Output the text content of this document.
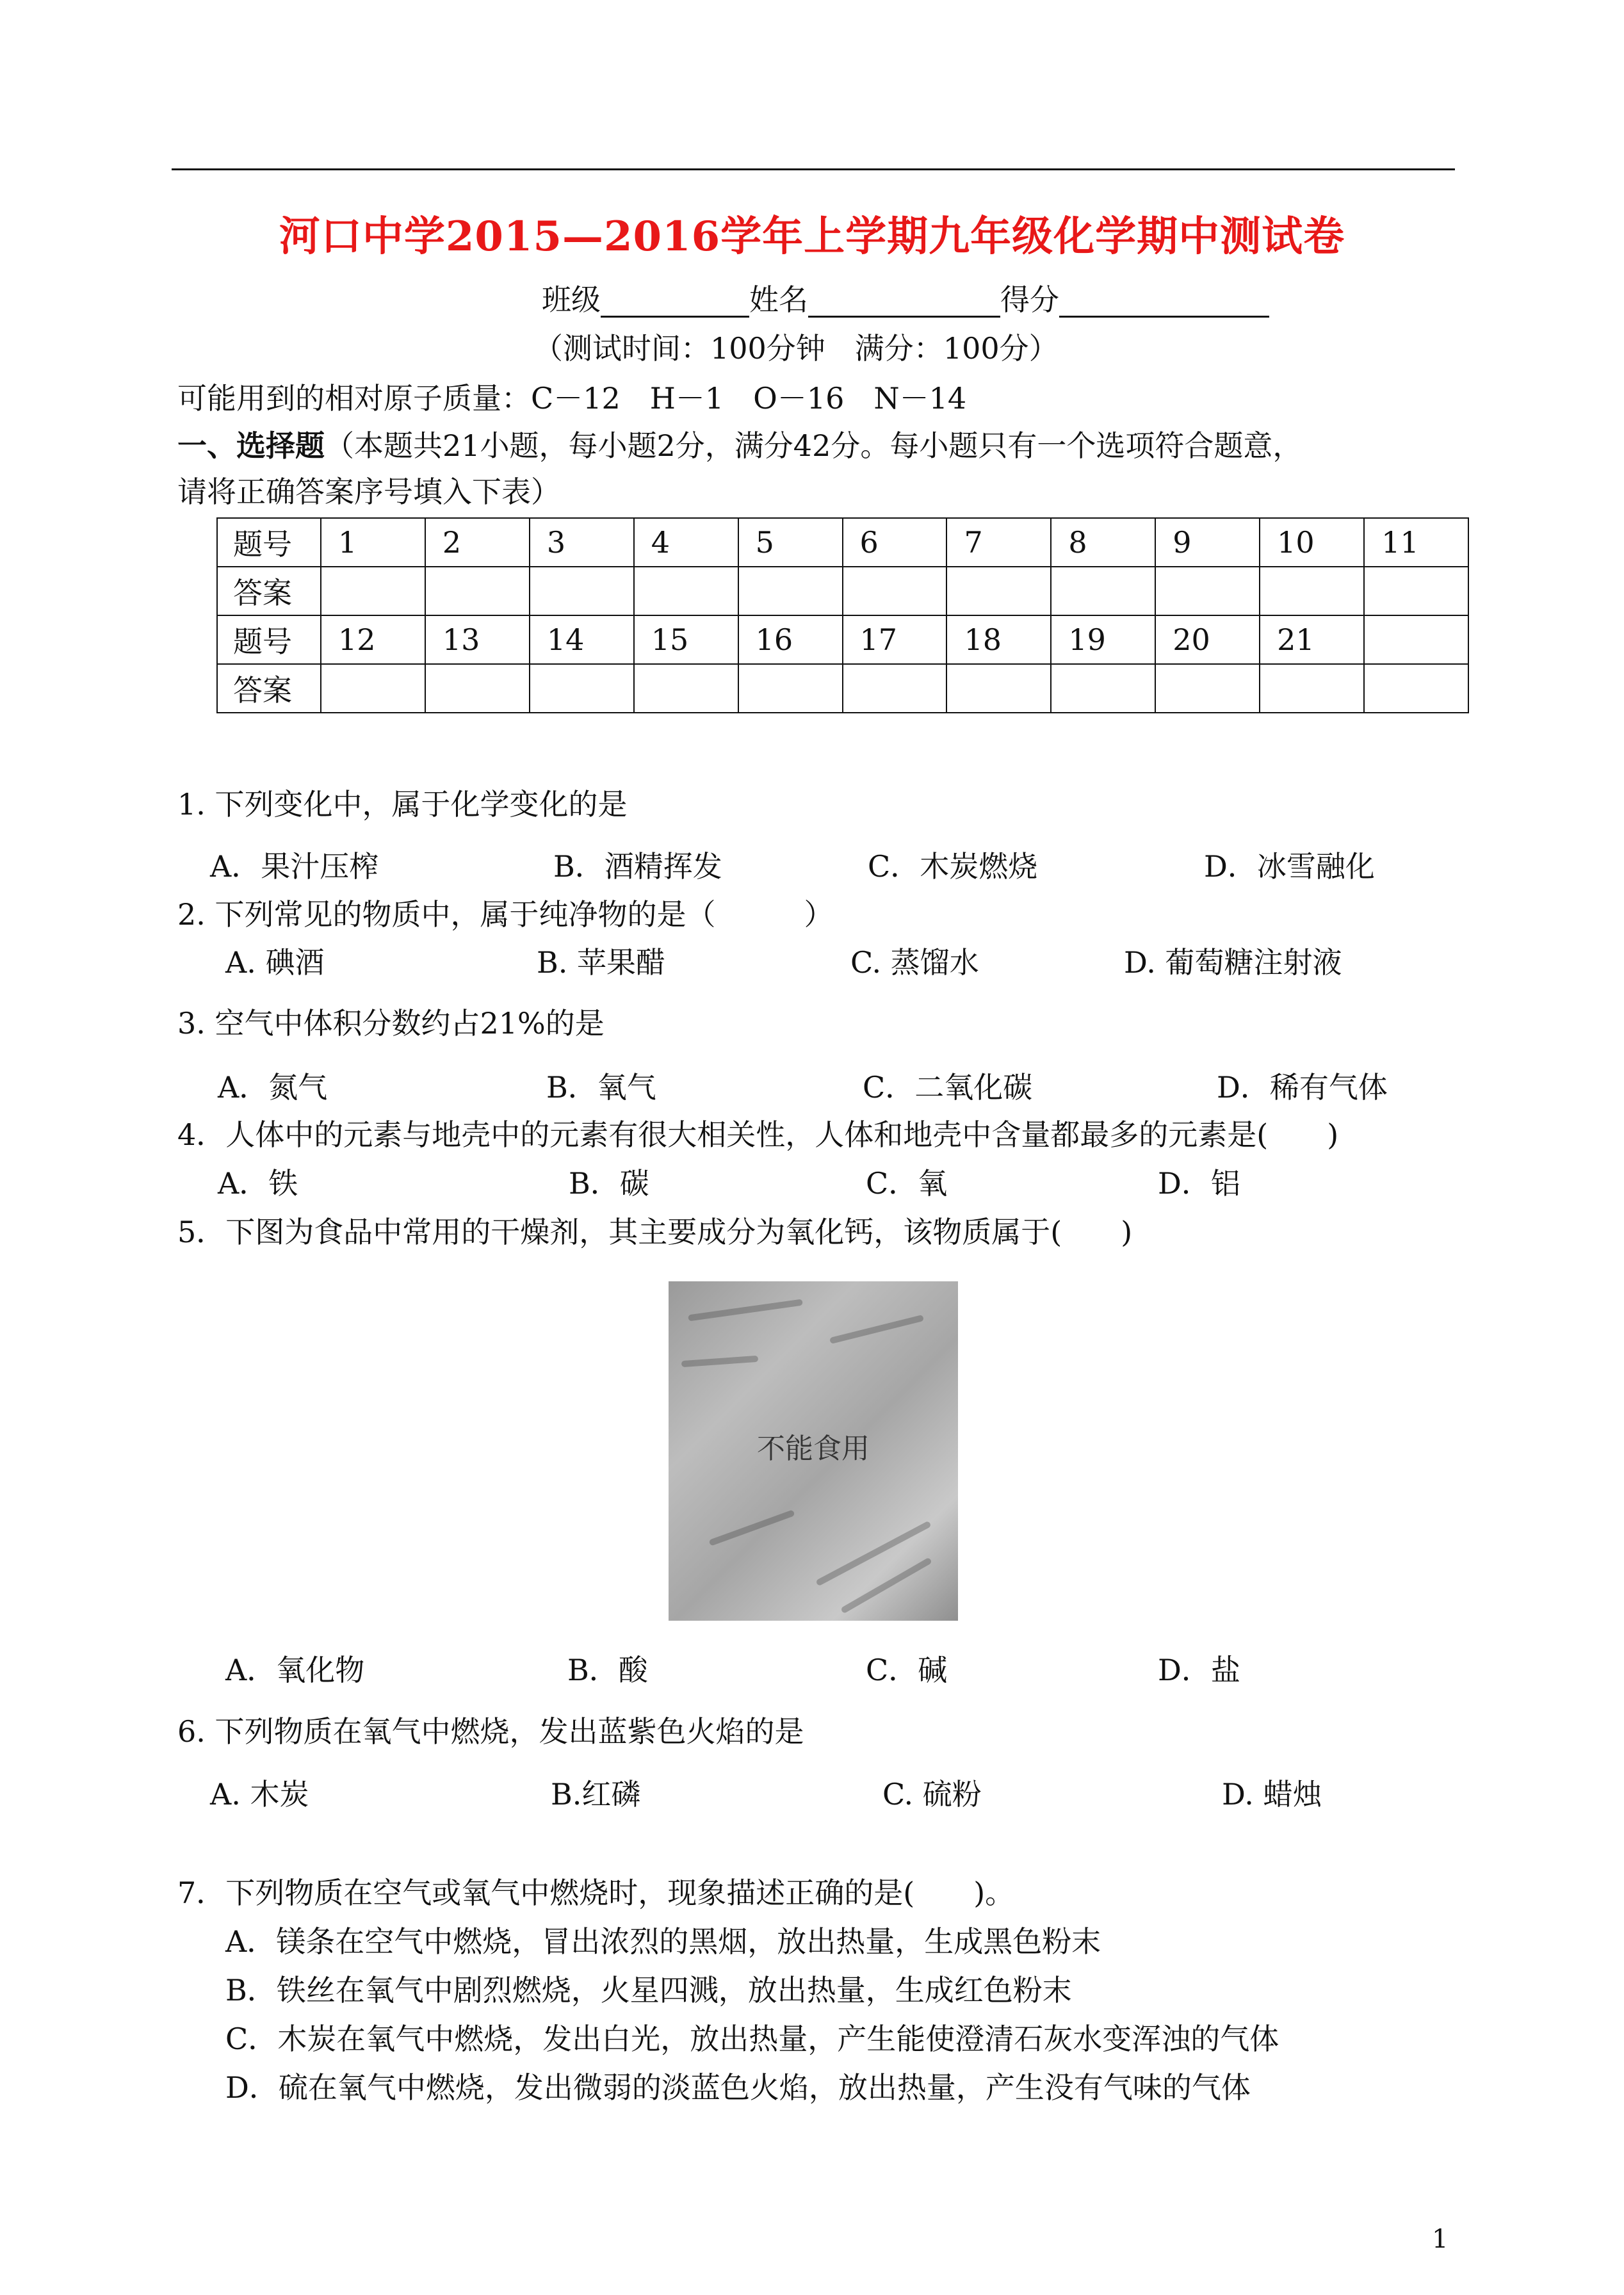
河口中学2015—2016学年上学期九年级化学期中测试卷
班级	姓名	得分
（测试时间：100分钟　满分：100分）
可能用到的相对原子质量：C－12　H－1　O－16　N－14
一、选择题（本题共21小题，每小题2分，满分42分。每小题只有一个选项符合题意，
请将正确答案序号填入下表）
题号	1	2	3	4	5	6	7	8	9	10	11
答案											
题号	12	13	14	15	16	17	18	19	20	21	
答案											
1. 下列变化中，属于化学变化的是
A．果汁压榨	B．酒精挥发	C．木炭燃烧	D．冰雪融化
2. 下列常见的物质中，属于纯净物的是（　　　）
A. 碘酒	B. 苹果醋	C. 蒸馏水	D. 葡萄糖注射液
3. 空气中体积分数约占21%的是
A．氮气	B．氧气	C．二氧化碳	D．稀有气体
4．人体中的元素与地壳中的元素有很大相关性，人体和地壳中含量都最多的元素是(　　)
A．铁	B．碳	C．氧	D．铝
5．下图为食品中常用的干燥剂，其主要成分为氧化钙，该物质属于(　　)
不能食用
A．氧化物	B．酸	C．碱	D．盐
6. 下列物质在氧气中燃烧，发出蓝紫色火焰的是
A. 木炭	B.红磷	C. 硫粉	D. 蜡烛
7．下列物质在空气或氧气中燃烧时，现象描述正确的是(　　)。
A．镁条在空气中燃烧，冒出浓烈的黑烟，放出热量，生成黑色粉末
B．铁丝在氧气中剧烈燃烧，火星四溅，放出热量，生成红色粉末
C．木炭在氧气中燃烧，发出白光，放出热量，产生能使澄清石灰水变浑浊的气体
D．硫在氧气中燃烧，发出微弱的淡蓝色火焰，放出热量，产生没有气味的气体
1
